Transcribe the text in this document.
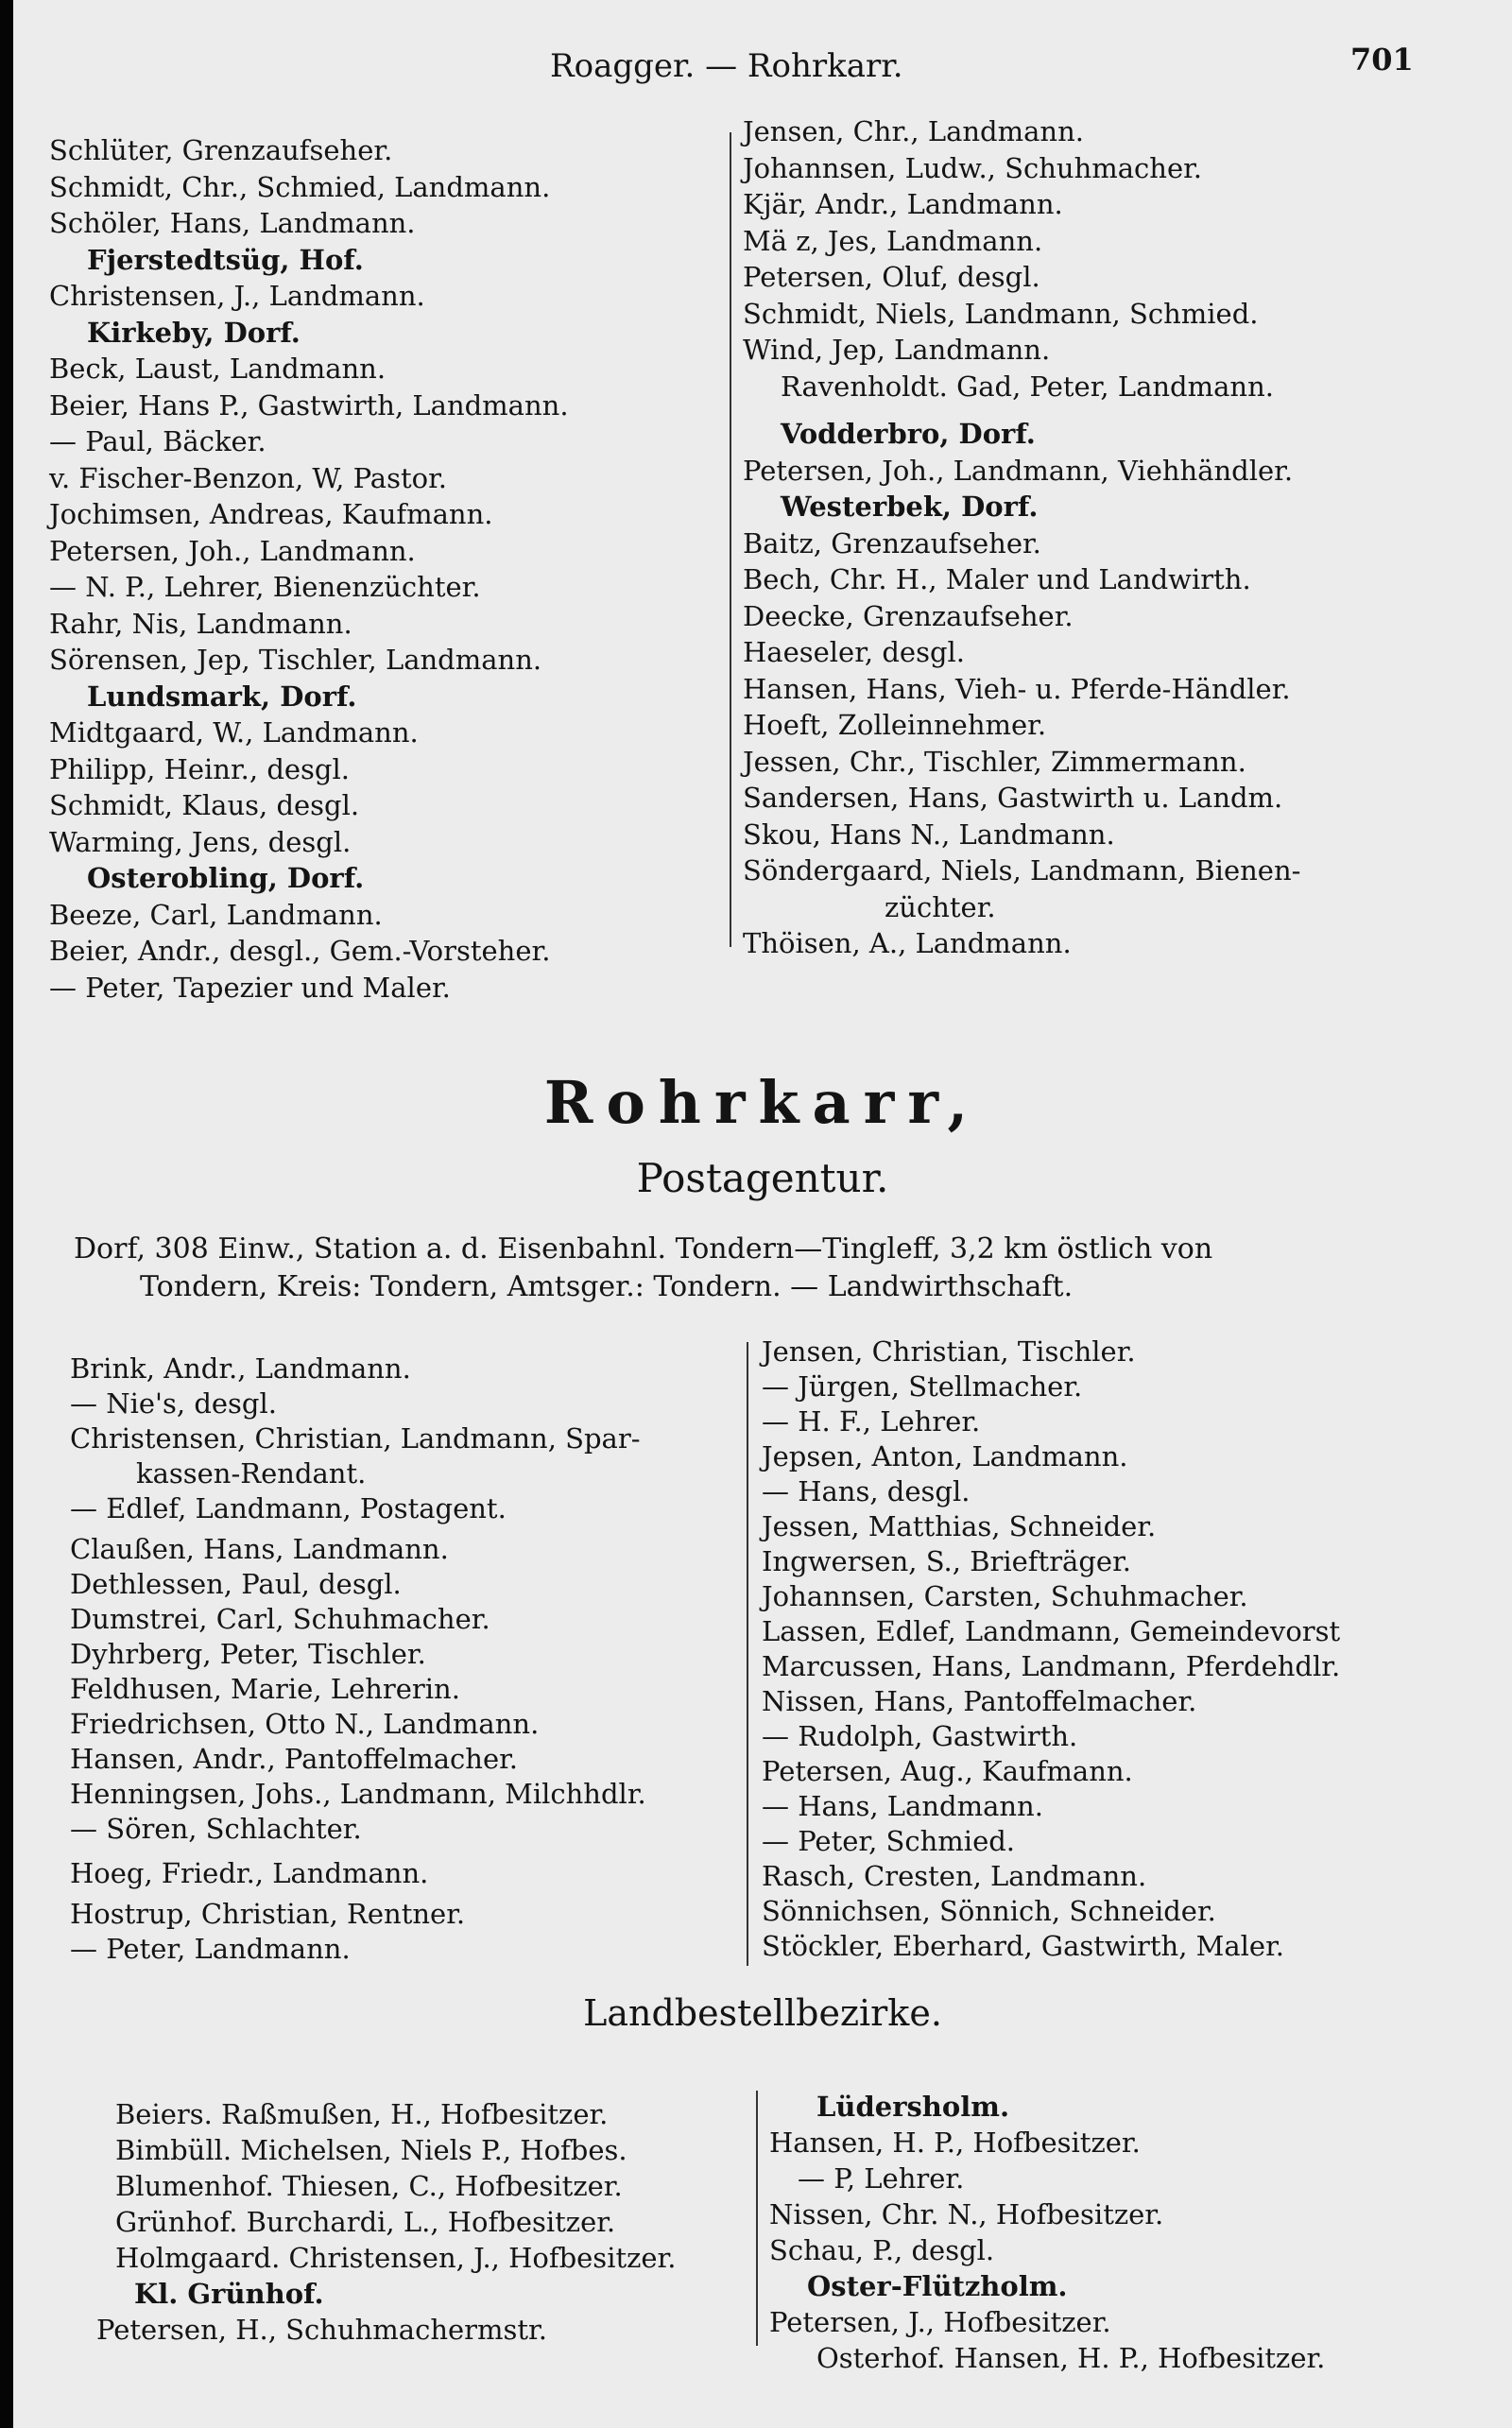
Roagger. — Rohrkarr.	701
Schlüter, Grenzaufseher.
Schmidt, Chr., Schmied, Landmann.
Schöler, Hans, Landmann.
Fjerstedtsüg, Hof.
Christensen, J., Landmann.
Kirkeby, Dorf.
Beck, Laust, Landmann.
Beier, Hans P., Gastwirth, Landmann.
— Paul, Bäcker.
v. Fischer-Benzon, W, Pastor.
Jochimsen, Andreas, Kaufmann.
Petersen, Joh., Landmann.
— N. P., Lehrer, Bienenzüchter.
Rahr, Nis, Landmann.
Sörensen, Jep, Tischler, Landmann.
Lundsmark, Dorf.
Midtgaard, W., Landmann.
Philipp, Heinr., desgl.
Schmidt, Klaus, desgl.
Warming, Jens, desgl.
Osterobling, Dorf.
Beeze, Carl, Landmann.
Beier, Andr., desgl., Gem.-Vorsteher.
— Peter, Tapezier und Maler.
Jensen, Chr., Landmann.
Johannsen, Ludw., Schuhmacher.
Kjär, Andr., Landmann.
Mä z, Jes, Landmann.
Petersen, Oluf, desgl.
Schmidt, Niels, Landmann, Schmied.
Wind, Jep, Landmann.
Ravenholdt. Gad, Peter, Landmann.
Vodderbro, Dorf.
Petersen, Joh., Landmann, Viehhändler.
Westerbek, Dorf.
Baitz, Grenzaufseher.
Bech, Chr. H., Maler und Landwirth.
Deecke, Grenzaufseher.
Haeseler, desgl.
Hansen, Hans, Vieh- u. Pferde-Händler.
Hoeft, Zolleinnehmer.
Jessen, Chr., Tischler, Zimmermann.
Sandersen, Hans, Gastwirth u. Landm.
Skou, Hans N., Landmann.
Söndergaard, Niels, Landmann, Bienen-
züchter.
Thöisen, A., Landmann.
Rohrkarr,
Postagentur.
Dorf, 308 Einw., Station a. d. Eisenbahnl. Tondern—Tingleff, 3,2 km östlich von
Tondern, Kreis: Tondern, Amtsger.: Tondern. — Landwirthschaft.
Brink, Andr., Landmann.
— Nie's, desgl.
Christensen, Christian, Landmann, Spar-
kassen-Rendant.
— Edlef, Landmann, Postagent.
Claußen, Hans, Landmann.
Dethlessen, Paul, desgl.
Dumstrei, Carl, Schuhmacher.
Dyhrberg, Peter, Tischler.
Feldhusen, Marie, Lehrerin.
Friedrichsen, Otto N., Landmann.
Hansen, Andr., Pantoffelmacher.
Henningsen, Johs., Landmann, Milchhdlr.
— Sören, Schlachter.
Hoeg, Friedr., Landmann.
Hostrup, Christian, Rentner.
— Peter, Landmann.
Jensen, Christian, Tischler.
— Jürgen, Stellmacher.
— H. F., Lehrer.
Jepsen, Anton, Landmann.
— Hans, desgl.
Jessen, Matthias, Schneider.
Ingwersen, S., Briefträger.
Johannsen, Carsten, Schuhmacher.
Lassen, Edlef, Landmann, Gemeindevorst
Marcussen, Hans, Landmann, Pferdehdlr.
Nissen, Hans, Pantoffelmacher.
— Rudolph, Gastwirth.
Petersen, Aug., Kaufmann.
— Hans, Landmann.
— Peter, Schmied.
Rasch, Cresten, Landmann.
Sönnichsen, Sönnich, Schneider.
Stöckler, Eberhard, Gastwirth, Maler.
Landbestellbezirke.
Beiers. Raßmußen, H., Hofbesitzer.
Bimbüll. Michelsen, Niels P., Hofbes.
Blumenhof. Thiesen, C., Hofbesitzer.
Grünhof. Burchardi, L., Hofbesitzer.
Holmgaard. Christensen, J., Hofbesitzer.
Kl. Grünhof.
Petersen, H., Schuhmachermstr.
Lüdersholm.
Hansen, H. P., Hofbesitzer.
— P, Lehrer.
Nissen, Chr. N., Hofbesitzer.
Schau, P., desgl.
Oster-Flützholm.
Petersen, J., Hofbesitzer.
Osterhof. Hansen, H. P., Hofbesitzer.
